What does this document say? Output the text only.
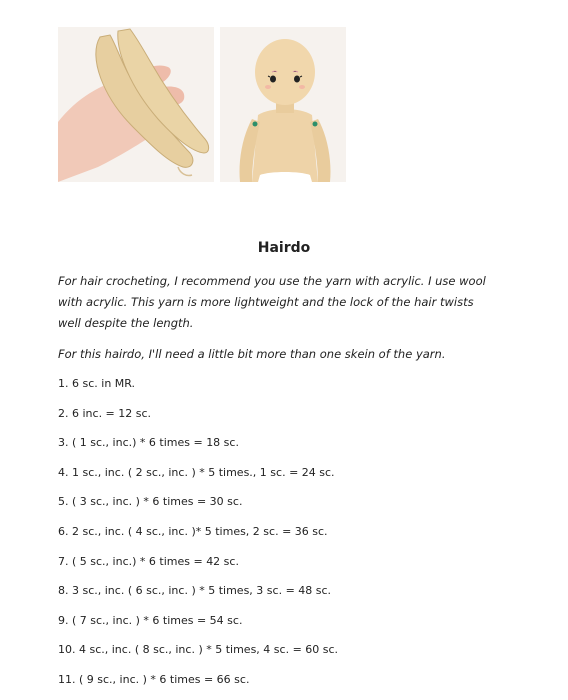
Hairdo

For hair crocheting, I recommend you use the yarn with acrylic. I use wool with acrylic. This yarn is more lightweight and the lock of the hair twists well despite the length.

For this hairdo, I'll need a little bit more than one skein of the yarn.

1. 6 sc. in MR.
2. 6 inc. = 12 sc.
3. ( 1 sc., inc.) * 6 times = 18 sc.
4. 1 sc., inc. ( 2 sc., inc. ) * 5 times., 1 sc. = 24 sc.
5. ( 3 sc., inc. ) * 6 times = 30 sc.
6. 2 sc., inc. ( 4 sc., inc. )* 5 times, 2 sc. = 36 sc.
7. ( 5 sc., inc.) * 6 times = 42 sc.
8. 3 sc., inc. ( 6 sc., inc. ) * 5 times, 3 sc. = 48 sc.
9. ( 7 sc., inc. ) * 6 times = 54 sc.
10. 4 sc., inc. ( 8 sc., inc. ) * 5 times, 4 sc. = 60 sc.
11. ( 9 sc., inc. ) * 6 times = 66 sc.
